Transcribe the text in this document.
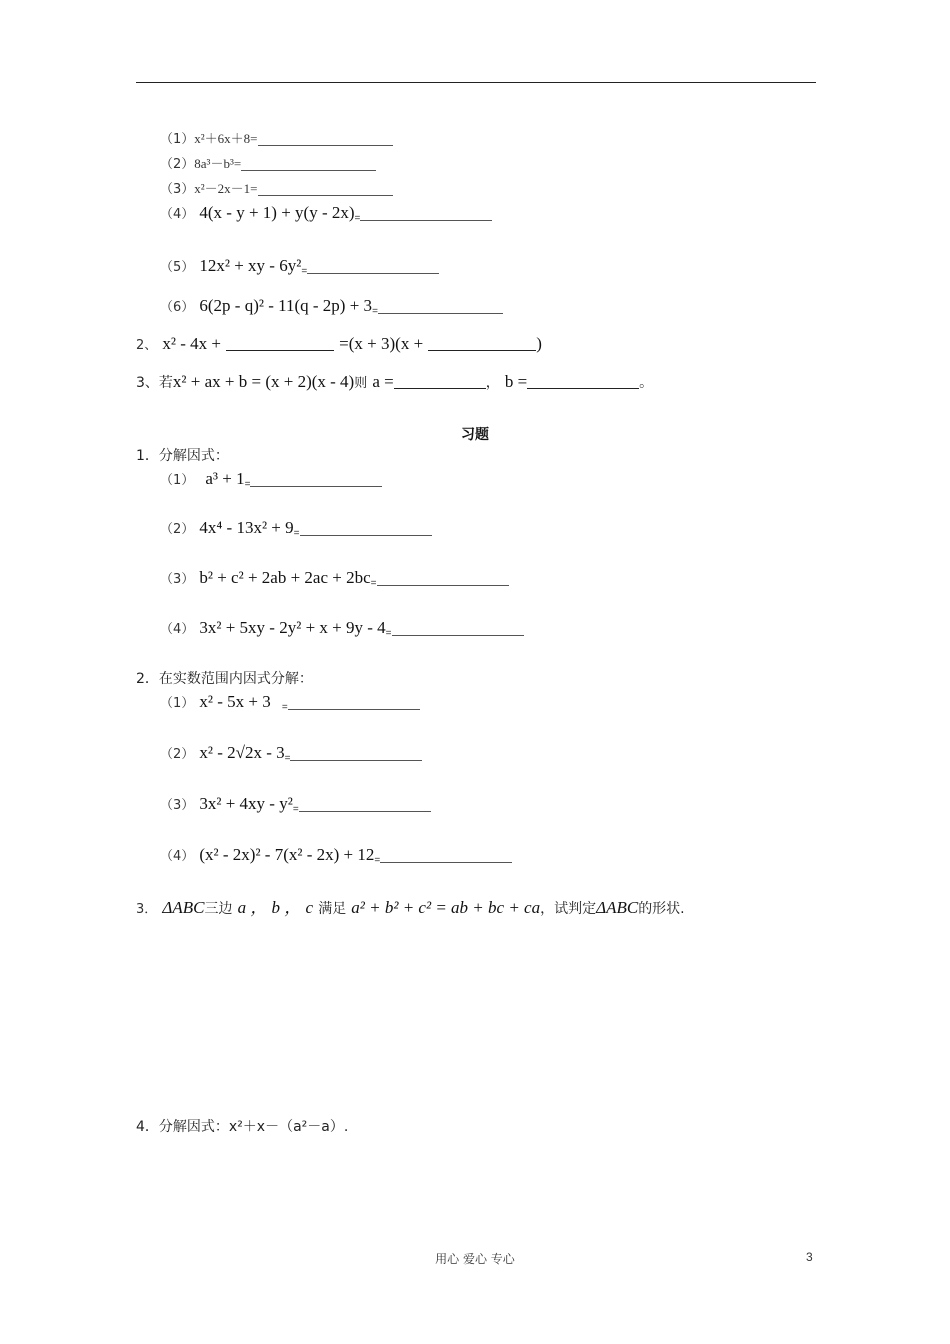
（1）x²＋6x＋8=
（2）8a³－b³=
（3）x²－2x－1=
（4） 4(x - y + 1) + y(y - 2x)=
（5） 12x² + xy - 6y²=
（6） 6(2p - q)² - 11(q - 2p) + 3=
2、 x² - 4x +	=(x + 3)(x +	)
3、若x² + ax + b = (x + 2)(x - 4)则 a =	， b =	。
习题
1．分解因式：
（1） a³ + 1=
（2） 4x⁴ - 13x² + 9=
（3） b² + c² + 2ab + 2ac + 2bc=
（4） 3x² + 5xy - 2y² + x + 9y - 4=
2．在实数范围内因式分解：
（1） x² - 5x + 3 =
（2） x² - 2√2x - 3=
（3） 3x² + 4xy - y²=
（4） (x² - 2x)² - 7(x² - 2x) + 12=
3． ΔABC三边 a ， b ， c 满足 a² + b² + c² = ab + bc + ca，试判定ΔABC的形状.
4．分解因式：x²＋x－（a²－a）.
用心 爱心 专心	3
